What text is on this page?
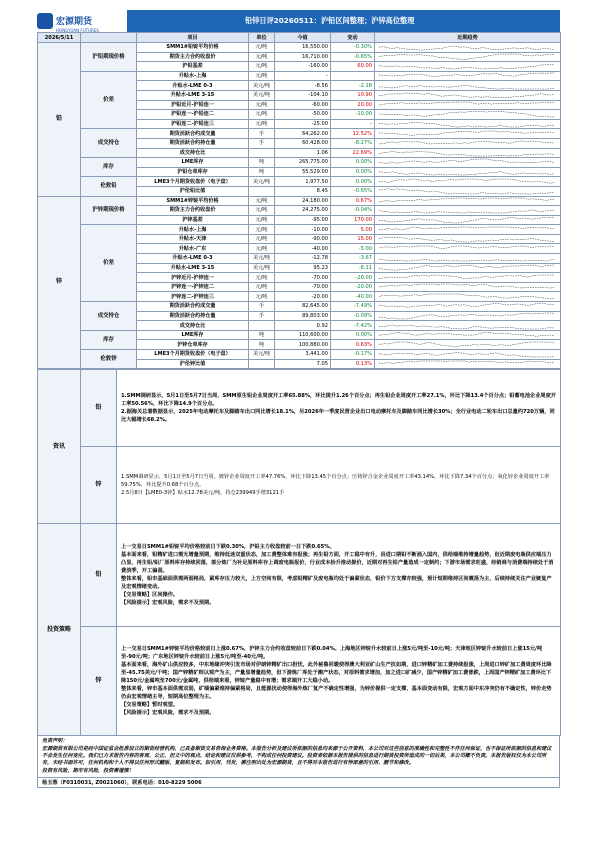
宏源期货
HONGYUAN FUTURES
铅锌日评20260511：沪铅区间整理；沪锌高位整理
2026/5/11		项目	单位	今值	变动	近期趋势
铅	沪铅期现价格	SMM1#铅锭平均价格	元/吨	16,550.00	-0.30%	

		期货主力合约收盘价	元/吨	16,710.00	-0.65%	

		沪铅基差	元/吨	-160.00	60.00	

	价差	升贴水-上海	元/吨	-		

		升贴水-LME 0-3	美元/吨	-8.56	-2.18	

		升贴水-LME 3-15	美元/吨	-104.10	10.90	

		沪铅近月-沪铅连一	元/吨	-60.00	20.00	

		沪铅连一-沪铅连二	元/吨	-50.00	-10.00	

		沪铅连二-沪铅连三	元/吨	-25.00	-	

	成交持仓	期货活跃合约成交量	手	64,262.00	12.52%	

		期货活跃合约持仓量	手	60,428.00	-8.27%	

		成交持仓比		1.06	22.69%	

	库存	LME库存	吨	265,775.00	0.00%	

		沪铅仓单库存	吨	55,529.00	0.00%	

	伦敦铅	LME3个月期货收盘价（电子盘）	美元/吨	1,977.50	0.00%	

		沪伦铅比值		8.45	-0.65%	

锌	沪锌期现价格	SMM1#锌锭平均价格	元/吨	24,180.00	0.67%	

		期货主力合约收盘价	元/吨	24,275.00	-0.04%	

		沪锌基差	元/吨	-95.00	170.00	

	价差	升贴水-上海	元/吨	-10.00	5.00	

		升贴水-天津	元/吨	-90.00	15.00	

		升贴水-广东	元/吨	-40.00	-5.00	

		升贴水-LME 0-3	美元/吨	-12.78	-3.67	

		升贴水-LME 3-15	美元/吨	95.23	-8.11	

		沪锌近月-沪锌连一	元/吨	-70.00	-20.00	

		沪锌连一-沪锌连二	元/吨	-70.00	-20.00	

		沪锌连二-沪锌连三	元/吨	-20.00	-40.00	

	成交持仓	期货活跃合约成交量	手	82,645.00	-7.49%	

		期货活跃合约持仓量	手	89,803.00	-0.09%	

		成交持仓比		0.92	-7.42%	

	库存	LME库存	吨	110,600.00	0.00%	

		沪锌仓单库存	吨	100,880.00	0.63%	

	伦敦锌	LME3个月期货收盘价（电子盘）	美元/吨	3,441.00	-0.17%	

		沪伦锌比值		7.05	0.13%	
资讯	铅	1.SMM调研显示，5月1日至5月7日当周，SMM原生铅企业周度开工率65.88%，环比提升1.26个百分点；再生铅企业周度开工率27.1%，环比下降13.4个百分点；铅蓄电池企业周度开工率50.56%，环比下降14.9个百分点。

2.据海关总署数据显示，2025年电动摩托车及脚踏车出口同比增长18.1%，另2026年一季度民营企业出口电动摩托车及脚踏车同比增长30%；全行业电动二轮车出口总量约720万辆，同比大幅增长68.2%。

	锌	1.SMM调研显示，5月1日至5月7日当周，镀锌企业周度开工率47.76%，环比下降13.45个百分点；压铸锌合金企业周度开工率43.14%，环比下降7.34个百分点；氧化锌企业周度开工率59.75%，环比提升0.68个百分点。

2.5月8日【LME0-3锌】贴水12.78美元/吨，持仓239949手增3121手

投资策略	铅	上一交易日SMM1#铅锭平均价格较前日下跌0.30%，沪铅主力收盘较前一日下跌0.65%。

基本面来看，铅精矿进口需无增量预期，维持低迷双重状态，加工费整体难有报涨；再生铅方面，开工稳中有升，县进口期铅不断涌入国内，供给端维持增量趋势，但近期废电瓶供应端压力凸显，再生铅/铅厂原料库存持续回落，部分炼厂为补足原料库存上调废电瓶报价，行业成本抬升推动提价，近期对再生铅产量造成一定制约；下游市场需求旺盛，经销商与消费端持续处于消费淡季，开工偏弱。

整体来看，铅市基础面供需两弱格局，紧库存压力较大，上方空间有限，考虑铅精矿及废电瓶均处于偏紧状态，铅价下方支撑亦较强，预计短期维持区间震荡为主，后续持续关注产业链复产及宏观情绪变动。

【交易策略】区间操作。

【风险提示】宏观风险，需求不及预期。

	锌	上一交易日SMM1#锌锭平均价格较前日上涨0.67%，沪锌主力合约收盘较前日下跌0.04%。上海地区锌锭升水较前日上涨5元/吨至-10元/吨；天津地区锌锭升水较前日上涨15元/吨至-90元/吨；广东地区锌锭升水较前日上涨5元/吨至-40元/吨。

基本面来看，海外矿山供应较多，中东地缘冲突引发市场对伊朗锌精矿出口担忧，此外秘鲁回暖使得澳大利亚矿山生产抗如期，进口锌精矿加工费持续报涨，上周进口锌矿加工费周度环比降至-45.75美元/干吨；国产锌精矿则以观产为主，产量显增量趋势，但下游炼厂库处于搬产状态，对原料需求增加，加之进口矿减少，国产锌精矿加工费普跌，上周国产锌精矿加工费环比下降150元/金属吨至700元/金属吨，供给端来看，锌锭产量稳中有增；需求端开工大稳小动。

整体来看，锌市基本面供需双弱，矿端偏紧维持偏紧格局，且能源扰动使得海外炼厂复产不确定性增强，为锌价提供一定支撑，基本面变动有限，宏观方面中东冲突仍有不确定性，锌价走势仍由宏观情绪主导，短期高位整理为主。

【交易策略】暂时观望。

【风险提示】宏观风险，需求不及预期。

免责声明：

宏源期货有限公司是经中国证监会批准设立的期货经营机构，已具备期货交易咨询业务资格。本报告分析及建议所依据的信息均来源于公开资料，本公司对这些信息的准确性和完整性不作任何保证，也不保证所依据的信息和建议不会发生任何变化。我们已力求报告内容的客观、公正，但文中的观点、结论和建议仅供参考，不构成任何投资建议。投资者依据本报告提供的信息进行期货投资所造成的一切后果，本公司概不负责。本报告版权仅为本公司所有，未经书面许可，任何机构和个人不得以任何形式翻版、复制和发布。如引用、刊发，需注明出处为宏源期货，且不得对本报告进行有悖原意的引用、删节和修改。

投资有风险，期市有风险，投资需谨慎！

杨玉蓉（F0310031, Z0021060），联系电话：010-8229 5006
